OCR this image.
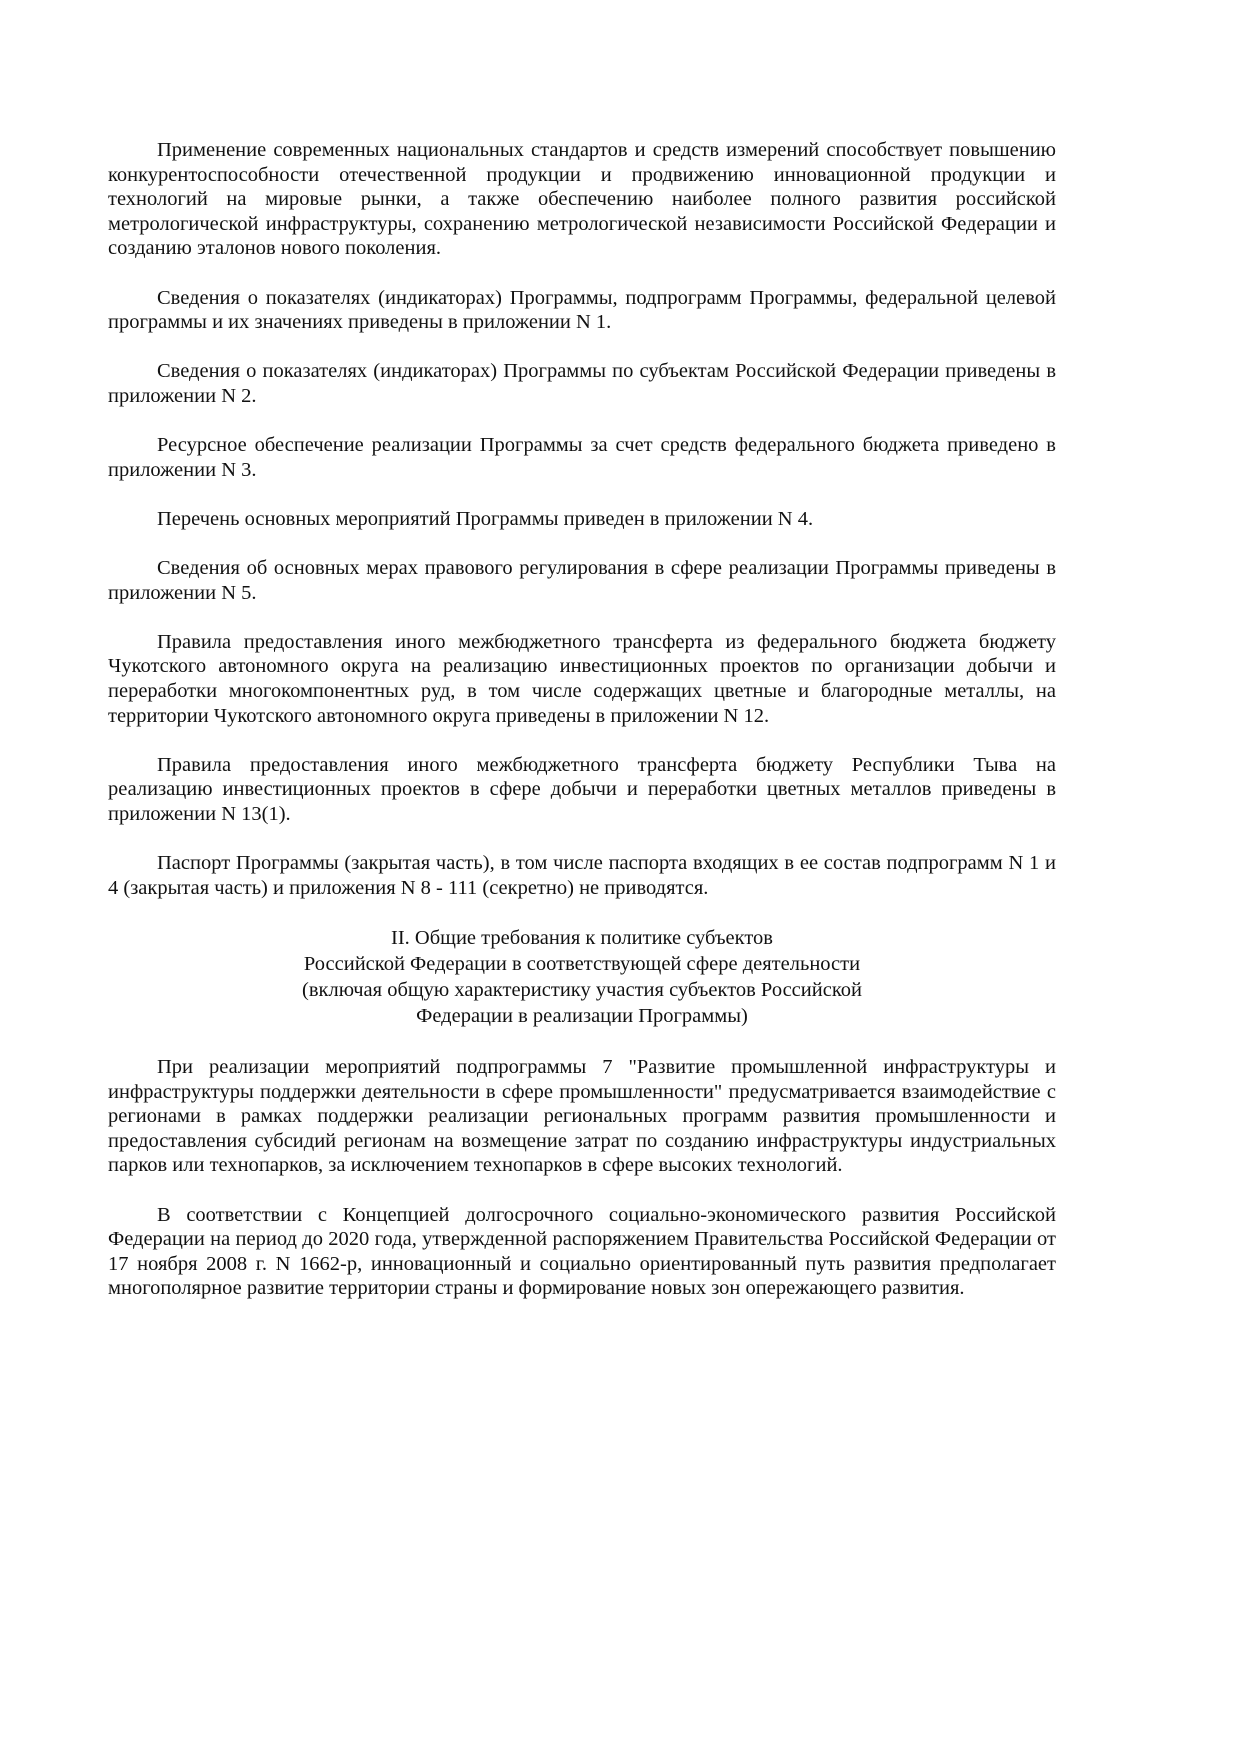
Применение современных национальных стандартов и средств измерений способствует повышению конкурентоспособности отечественной продукции и продвижению инновационной продукции и технологий на мировые рынки, а также обеспечению наиболее полного развития российской метрологической инфраструктуры, сохранению метрологической независимости Российской Федерации и созданию эталонов нового поколения.

Сведения о показателях (индикаторах) Программы, подпрограмм Программы, федеральной целевой программы и их значениях приведены в приложении N 1.

Сведения о показателях (индикаторах) Программы по субъектам Российской Федерации приведены в приложении N 2.

Ресурсное обеспечение реализации Программы за счет средств федерального бюджета приведено в приложении N 3.

Перечень основных мероприятий Программы приведен в приложении N 4.

Сведения об основных мерах правового регулирования в сфере реализации Программы приведены в приложении N 5.

Правила предоставления иного межбюджетного трансферта из федерального бюджета бюджету Чукотского автономного округа на реализацию инвестиционных проектов по организации добычи и переработки многокомпонентных руд, в том числе содержащих цветные и благородные металлы, на территории Чукотского автономного округа приведены в приложении N 12.

Правила предоставления иного межбюджетного трансферта бюджету Республики Тыва на реализацию инвестиционных проектов в сфере добычи и переработки цветных металлов приведены в приложении N 13(1).

Паспорт Программы (закрытая часть), в том числе паспорта входящих в ее состав подпрограмм N 1 и 4 (закрытая часть) и приложения N 8 - 111 (секретно) не приводятся.

II. Общие требования к политике субъектов
Российской Федерации в соответствующей сфере деятельности
(включая общую характеристику участия субъектов Российской
Федерации в реализации Программы)

При реализации мероприятий подпрограммы 7 "Развитие промышленной инфраструктуры и инфраструктуры поддержки деятельности в сфере промышленности" предусматривается взаимодействие с регионами в рамках поддержки реализации региональных программ развития промышленности и предоставления субсидий регионам на возмещение затрат по созданию инфраструктуры индустриальных парков или технопарков, за исключением технопарков в сфере высоких технологий.

В соответствии с Концепцией долгосрочного социально-экономического развития Российской Федерации на период до 2020 года, утвержденной распоряжением Правительства Российской Федерации от 17 ноября 2008 г. N 1662-р, инновационный и социально ориентированный путь развития предполагает многополярное развитие территории страны и формирование новых зон опережающего развития.
